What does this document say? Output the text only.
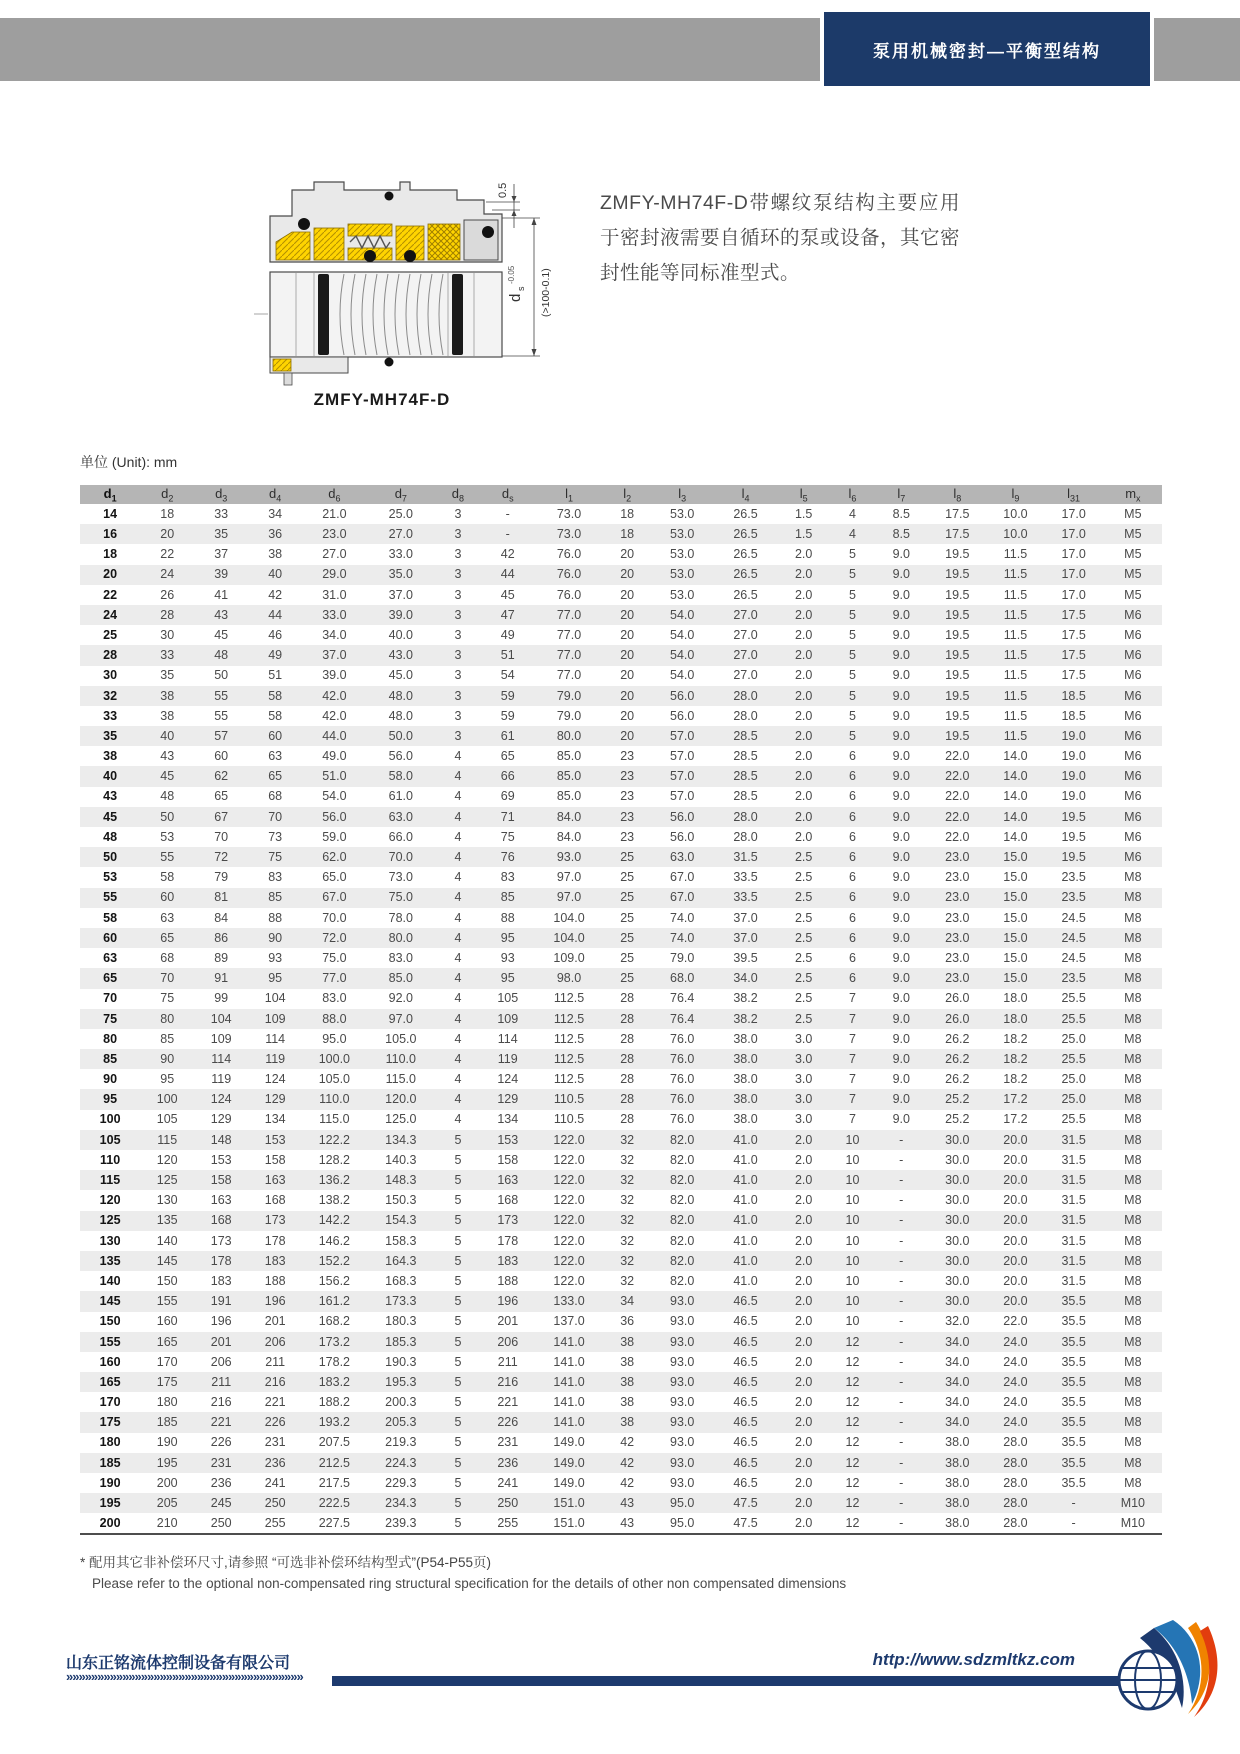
泵用机械密封—平衡型结构
0.5
d
s
-0.05 (>100-0.1)
ZMFY-MH74F-D

ZMFY-MH74F-D带螺纹泵结构主要应用于密封液需要自循环的泵或设备，其它密封性能等同标准型式。

单位 (Unit): mm
$d_1$	$d_2$	$d_3$	$d_4$	$d_6$	$d_7$	$d_8$	$d_s$	$l_1$	$l_2$	$l_3$	$l_4$	$l_5$	$l_6$	$l_7$	$l_8$	$l_9$	$l_{31}$	$m_x$
14	18	33	34	21.0	25.0	3	-	73.0	18	53.0	26.5	1.5	4	8.5	17.5	10.0	17.0	M5
16	20	35	36	23.0	27.0	3	-	73.0	18	53.0	26.5	1.5	4	8.5	17.5	10.0	17.0	M5
18	22	37	38	27.0	33.0	3	42	76.0	20	53.0	26.5	2.0	5	9.0	19.5	11.5	17.0	M5
20	24	39	40	29.0	35.0	3	44	76.0	20	53.0	26.5	2.0	5	9.0	19.5	11.5	17.0	M5
22	26	41	42	31.0	37.0	3	45	76.0	20	53.0	26.5	2.0	5	9.0	19.5	11.5	17.0	M5
24	28	43	44	33.0	39.0	3	47	77.0	20	54.0	27.0	2.0	5	9.0	19.5	11.5	17.5	M6
25	30	45	46	34.0	40.0	3	49	77.0	20	54.0	27.0	2.0	5	9.0	19.5	11.5	17.5	M6
28	33	48	49	37.0	43.0	3	51	77.0	20	54.0	27.0	2.0	5	9.0	19.5	11.5	17.5	M6
30	35	50	51	39.0	45.0	3	54	77.0	20	54.0	27.0	2.0	5	9.0	19.5	11.5	17.5	M6
32	38	55	58	42.0	48.0	3	59	79.0	20	56.0	28.0	2.0	5	9.0	19.5	11.5	18.5	M6
33	38	55	58	42.0	48.0	3	59	79.0	20	56.0	28.0	2.0	5	9.0	19.5	11.5	18.5	M6
35	40	57	60	44.0	50.0	3	61	80.0	20	57.0	28.5	2.0	5	9.0	19.5	11.5	19.0	M6
38	43	60	63	49.0	56.0	4	65	85.0	23	57.0	28.5	2.0	6	9.0	22.0	14.0	19.0	M6
40	45	62	65	51.0	58.0	4	66	85.0	23	57.0	28.5	2.0	6	9.0	22.0	14.0	19.0	M6
43	48	65	68	54.0	61.0	4	69	85.0	23	57.0	28.5	2.0	6	9.0	22.0	14.0	19.0	M6
45	50	67	70	56.0	63.0	4	71	84.0	23	56.0	28.0	2.0	6	9.0	22.0	14.0	19.5	M6
48	53	70	73	59.0	66.0	4	75	84.0	23	56.0	28.0	2.0	6	9.0	22.0	14.0	19.5	M6
50	55	72	75	62.0	70.0	4	76	93.0	25	63.0	31.5	2.5	6	9.0	23.0	15.0	19.5	M6
53	58	79	83	65.0	73.0	4	83	97.0	25	67.0	33.5	2.5	6	9.0	23.0	15.0	23.5	M8
55	60	81	85	67.0	75.0	4	85	97.0	25	67.0	33.5	2.5	6	9.0	23.0	15.0	23.5	M8
58	63	84	88	70.0	78.0	4	88	104.0	25	74.0	37.0	2.5	6	9.0	23.0	15.0	24.5	M8
60	65	86	90	72.0	80.0	4	95	104.0	25	74.0	37.0	2.5	6	9.0	23.0	15.0	24.5	M8
63	68	89	93	75.0	83.0	4	93	109.0	25	79.0	39.5	2.5	6	9.0	23.0	15.0	24.5	M8
65	70	91	95	77.0	85.0	4	95	98.0	25	68.0	34.0	2.5	6	9.0	23.0	15.0	23.5	M8
70	75	99	104	83.0	92.0	4	105	112.5	28	76.4	38.2	2.5	7	9.0	26.0	18.0	25.5	M8
75	80	104	109	88.0	97.0	4	109	112.5	28	76.4	38.2	2.5	7	9.0	26.0	18.0	25.5	M8
80	85	109	114	95.0	105.0	4	114	112.5	28	76.0	38.0	3.0	7	9.0	26.2	18.2	25.0	M8
85	90	114	119	100.0	110.0	4	119	112.5	28	76.0	38.0	3.0	7	9.0	26.2	18.2	25.5	M8
90	95	119	124	105.0	115.0	4	124	112.5	28	76.0	38.0	3.0	7	9.0	26.2	18.2	25.0	M8
95	100	124	129	110.0	120.0	4	129	110.5	28	76.0	38.0	3.0	7	9.0	25.2	17.2	25.0	M8
100	105	129	134	115.0	125.0	4	134	110.5	28	76.0	38.0	3.0	7	9.0	25.2	17.2	25.5	M8
105	115	148	153	122.2	134.3	5	153	122.0	32	82.0	41.0	2.0	10	-	30.0	20.0	31.5	M8
110	120	153	158	128.2	140.3	5	158	122.0	32	82.0	41.0	2.0	10	-	30.0	20.0	31.5	M8
115	125	158	163	136.2	148.3	5	163	122.0	32	82.0	41.0	2.0	10	-	30.0	20.0	31.5	M8
120	130	163	168	138.2	150.3	5	168	122.0	32	82.0	41.0	2.0	10	-	30.0	20.0	31.5	M8
125	135	168	173	142.2	154.3	5	173	122.0	32	82.0	41.0	2.0	10	-	30.0	20.0	31.5	M8
130	140	173	178	146.2	158.3	5	178	122.0	32	82.0	41.0	2.0	10	-	30.0	20.0	31.5	M8
135	145	178	183	152.2	164.3	5	183	122.0	32	82.0	41.0	2.0	10	-	30.0	20.0	31.5	M8
140	150	183	188	156.2	168.3	5	188	122.0	32	82.0	41.0	2.0	10	-	30.0	20.0	31.5	M8
145	155	191	196	161.2	173.3	5	196	133.0	34	93.0	46.5	2.0	10	-	30.0	20.0	35.5	M8
150	160	196	201	168.2	180.3	5	201	137.0	36	93.0	46.5	2.0	10	-	32.0	22.0	35.5	M8
155	165	201	206	173.2	185.3	5	206	141.0	38	93.0	46.5	2.0	12	-	34.0	24.0	35.5	M8
160	170	206	211	178.2	190.3	5	211	141.0	38	93.0	46.5	2.0	12	-	34.0	24.0	35.5	M8
165	175	211	216	183.2	195.3	5	216	141.0	38	93.0	46.5	2.0	12	-	34.0	24.0	35.5	M8
170	180	216	221	188.2	200.3	5	221	141.0	38	93.0	46.5	2.0	12	-	34.0	24.0	35.5	M8
175	185	221	226	193.2	205.3	5	226	141.0	38	93.0	46.5	2.0	12	-	34.0	24.0	35.5	M8
180	190	226	231	207.5	219.3	5	231	149.0	42	93.0	46.5	2.0	12	-	38.0	28.0	35.5	M8
185	195	231	236	212.5	224.3	5	236	149.0	42	93.0	46.5	2.0	12	-	38.0	28.0	35.5	M8
190	200	236	241	217.5	229.3	5	241	149.0	42	93.0	46.5	2.0	12	-	38.0	28.0	35.5	M8
195	205	245	250	222.5	234.3	5	250	151.0	43	95.0	47.5	2.0	12	-	38.0	28.0	-	M10
200	210	250	255	227.5	239.3	5	255	151.0	43	95.0	47.5	2.0	12	-	38.0	28.0	-	M10
* 配用其它非补偿环尺寸,请参照 “可选非补偿环结构型式”(P54-P55页)
Please refer to the optional non-compensated ring structural specification for the details of other non compensated dimensions
山东正铭流体控制设备有限公司
»»»»»»»»»»»»»»»»»»»»»»»»»»»»»»»»»»»»»»
http://www.sdzmltkz.com
